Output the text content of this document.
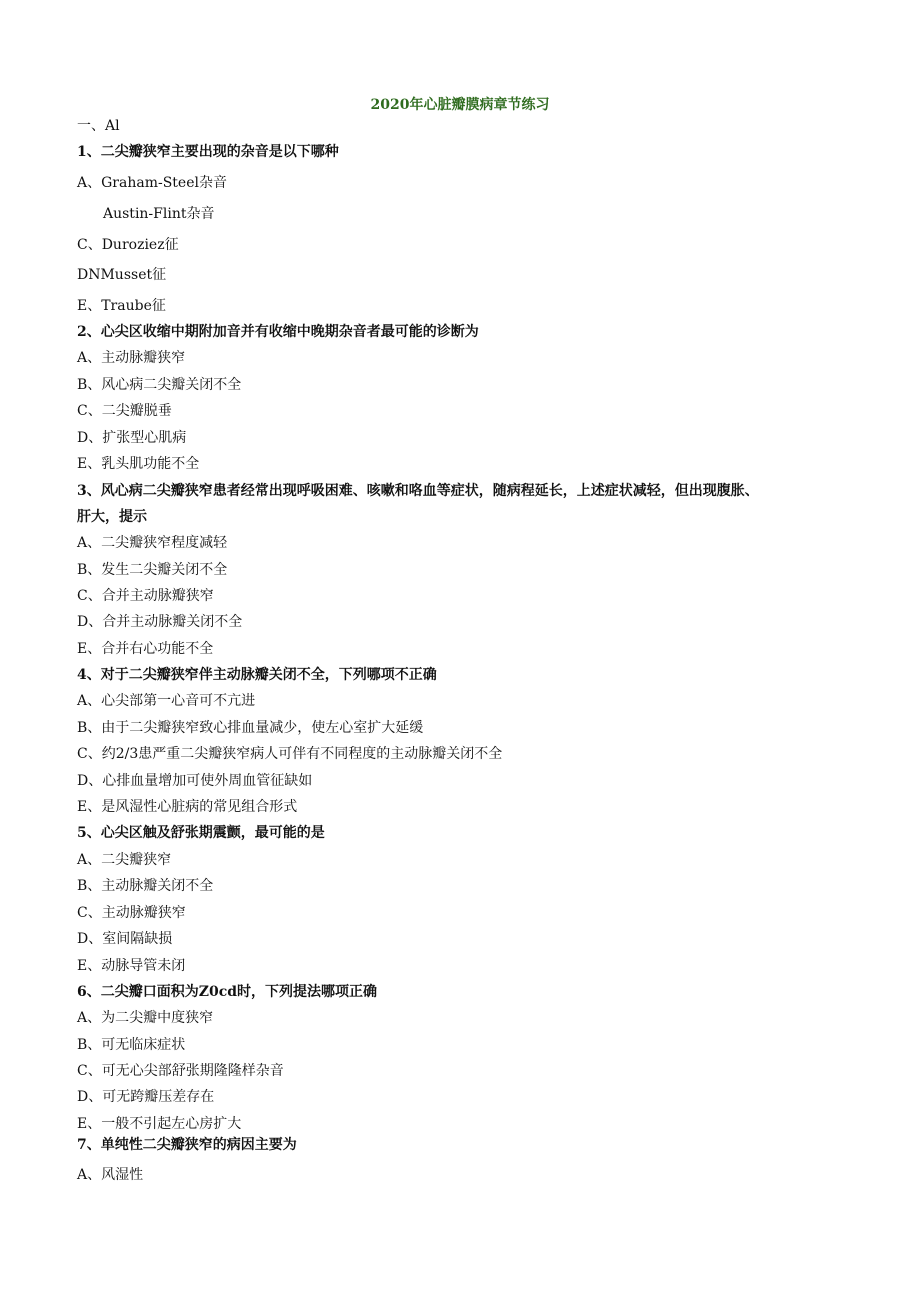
2020年心脏瓣膜病章节练习
一、Al
1、二尖瓣狭窄主要出现的杂音是以下哪种
A、Graham-Steel杂音
Austin-Flint杂音
C、Duroziez征
DNMusset征
E、Traube征
2、心尖区收缩中期附加音并有收缩中晚期杂音者最可能的诊断为
A、主动脉瓣狭窄
B、风心病二尖瓣关闭不全
C、二尖瓣脱垂
D、扩张型心肌病
E、乳头肌功能不全
3、风心病二尖瓣狭窄患者经常出现呼吸困难、咳嗽和咯血等症状，随病程延长，上述症状减轻，但出现腹胀、
肝大，提示
A、二尖瓣狭窄程度减轻
B、发生二尖瓣关闭不全
C、合并主动脉瓣狭窄
D、合并主动脉瓣关闭不全
E、合并右心功能不全
4、对于二尖瓣狭窄伴主动脉瓣关闭不全，下列哪项不正确
A、心尖部第一心音可不亢进
B、由于二尖瓣狭窄致心排血量减少，使左心室扩大延缓
C、约2/3患严重二尖瓣狭窄病人可伴有不同程度的主动脉瓣关闭不全
D、心排血量增加可使外周血管征缺如
E、是风湿性心脏病的常见组合形式
5、心尖区触及舒张期震颤，最可能的是
A、二尖瓣狭窄
B、主动脉瓣关闭不全
C、主动脉瓣狭窄
D、室间隔缺损
E、动脉导管未闭
6、二尖瓣口面积为Z0cd时，下列提法哪项正确
A、为二尖瓣中度狭窄
B、可无临床症状
C、可无心尖部舒张期隆隆样杂音
D、可无跨瓣压差存在
E、一般不引起左心房扩大
7、单纯性二尖瓣狭窄的病因主要为
A、风湿性
